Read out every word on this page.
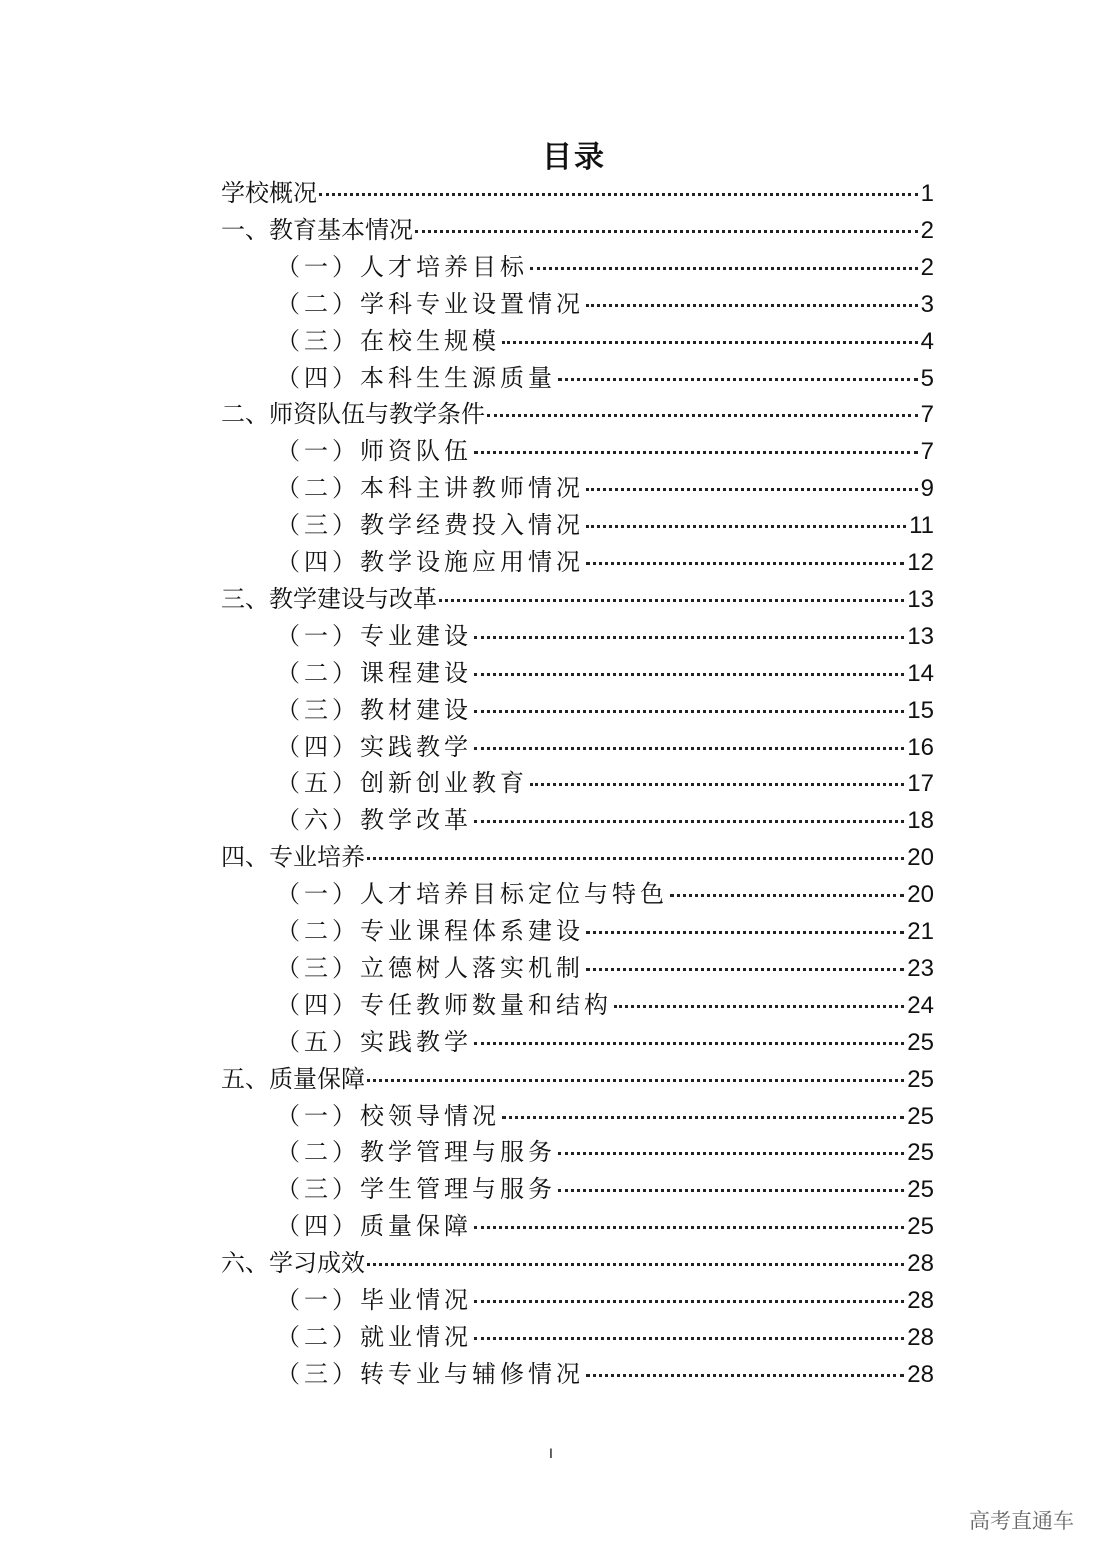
目录
学校概况	1
一、教育基本情况	2
（一）人才培养目标	2
（二）学科专业设置情况	3
（三）在校生规模	4
（四）本科生生源质量	5
二、师资队伍与教学条件	7
（一）师资队伍	7
（二）本科主讲教师情况	9
（三）教学经费投入情况	11
（四）教学设施应用情况	12
三、教学建设与改革	13
（一）专业建设	13
（二）课程建设	14
（三）教材建设	15
（四）实践教学	16
（五）创新创业教育	17
（六）教学改革	18
四、专业培养	20
（一）人才培养目标定位与特色	20
（二）专业课程体系建设	21
（三）立德树人落实机制	23
（四）专任教师数量和结构	24
（五）实践教学	25
五、质量保障	25
（一）校领导情况	25
（二）教学管理与服务	25
（三）学生管理与服务	25
（四）质量保障	25
六、学习成效	28
（一）毕业情况	28
（二）就业情况	28
（三）转专业与辅修情况	28
I
高考直通车
